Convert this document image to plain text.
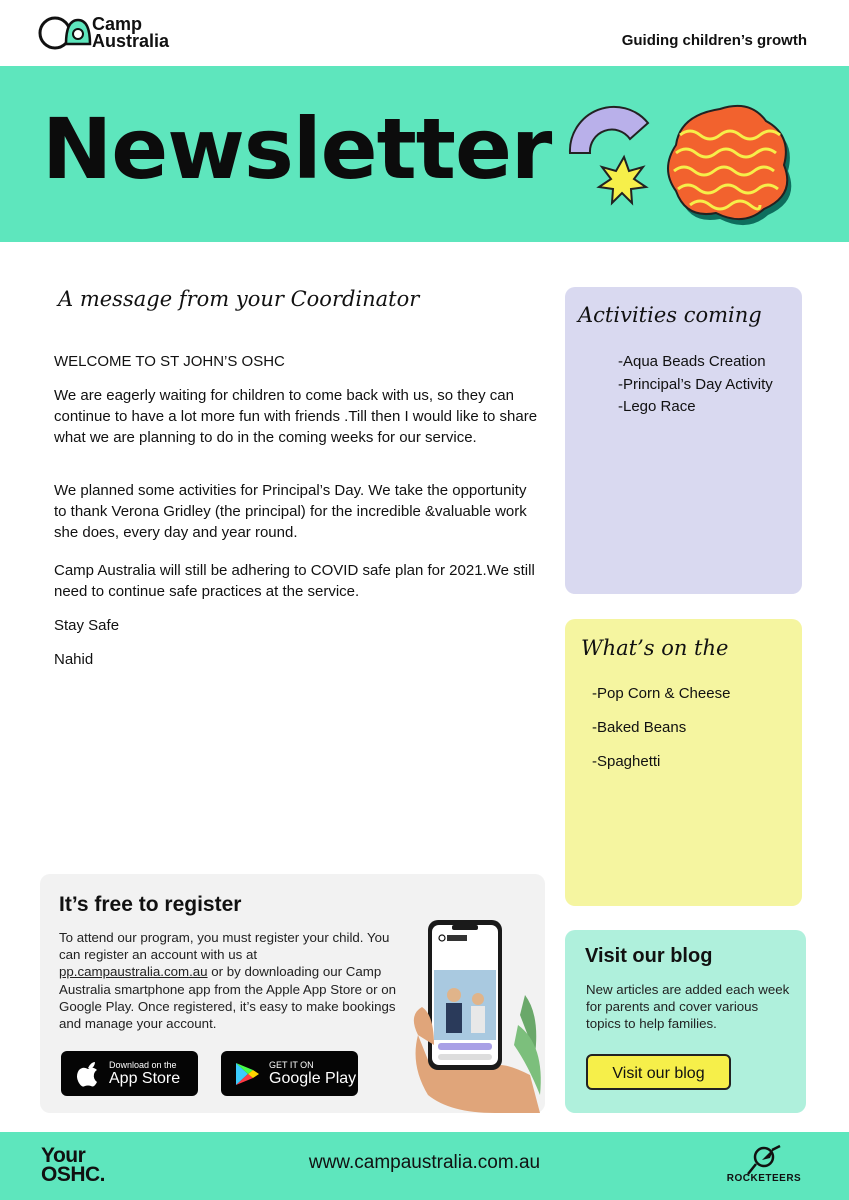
Camp
Australia	Guiding children’s growth
Newsletter
A message from your Coordinator
WELCOME TO ST JOHN’S OSHC
We are eagerly waiting for children to come back with us, so they can continue to have a lot more fun with friends .Till then I would like to share what we are planning to do in the coming weeks for our service.
We planned some activities for Principal’s Day. We take the opportunity to thank Verona Gridley (the principal) for the incredible &valuable work she does, every day and year round.
Camp Australia will still be adhering to COVID safe plan for 2021.We still need to continue safe practices at the service.
Stay Safe
Nahid
Activities coming
-Aqua Beads Creation
-Principal’s Day Activity
-Lego Race
What’s on the
-Pop Corn & Cheese
-Baked Beans
-Spaghetti
It’s free to register
To attend our program, you must register your child. You can register an account with us at pp.campaustralia.com.au or by downloading our Camp Australia smartphone app from the Apple App Store or on Google Play. Once registered, it’s easy to make bookings and manage your account.
Download on the
App Store
GET IT ON
Google Play
Visit our blog
New articles are added each week for parents and cover various topics to help families.
Visit our blog
Your
OSHC.
www.campaustralia.com.au
ROCKETEERS
